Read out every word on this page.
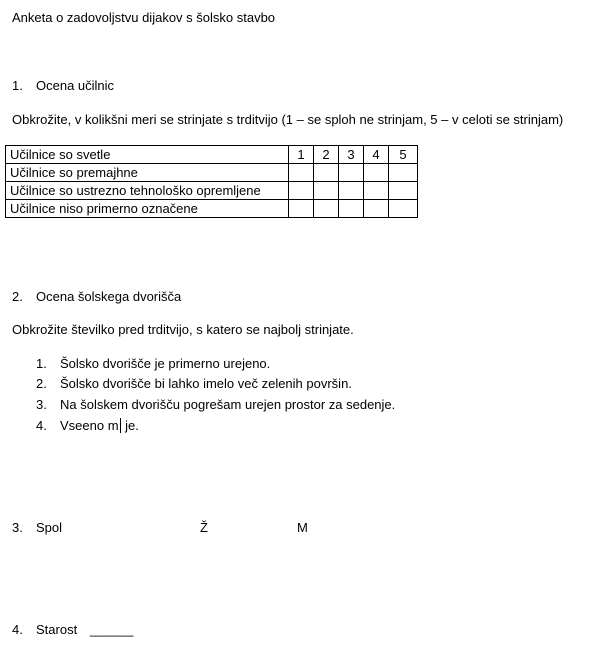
Anketa o zadovoljstvu dijakov s šolsko stavbo
1. Ocena učilnic
Obkrožite, v kolikšni meri se strinjate s trditvijo (1 – se sploh ne strinjam, 5 – v celoti se strinjam)
Učilnice so svetle	1	2	3	4	5
Učilnice so premajhne					
Učilnice so ustrezno tehnološko opremljene					
Učilnice niso primerno označene					
2. Ocena šolskega dvorišča
Obkrožite številko pred trditvijo, s katero se najbolj strinjate.
1. Šolsko dvorišče je primerno urejeno.
2. Šolsko dvorišče bi lahko imelo več zelenih površin.
3. Na šolskem dvorišču pogrešam urejen prostor za sedenje.
4. Vseeno m je.
3. Spol	Ž	M
4. Starost ______
